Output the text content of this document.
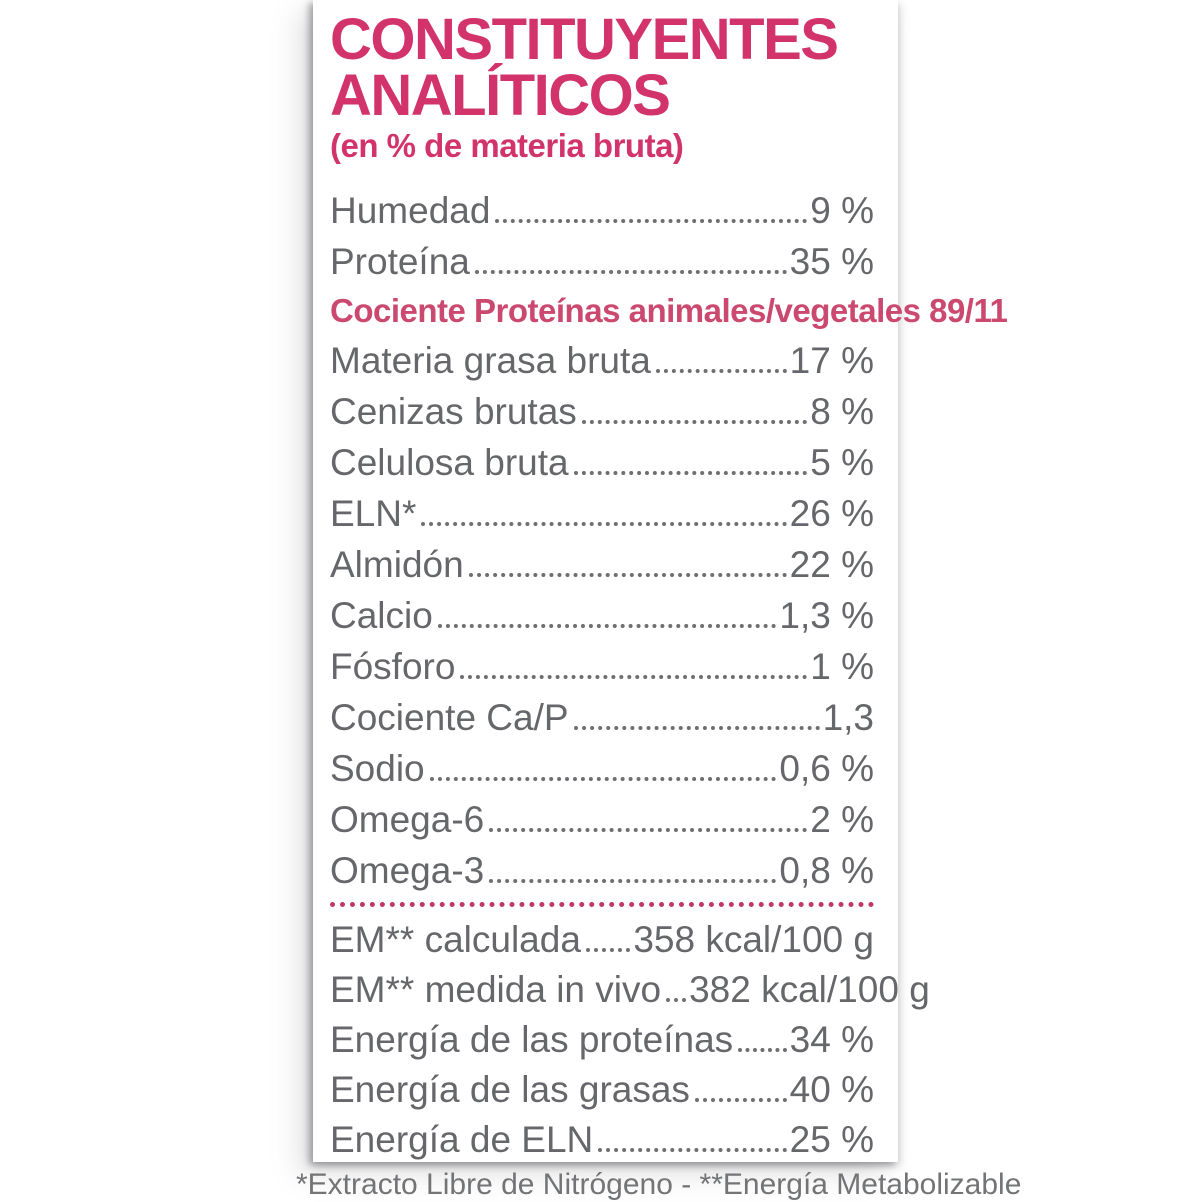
CONSTITUYENTES
ANALÍTICOS
(en % de materia bruta)
Humedad	9 %
Proteína	35 %
Cociente Proteínas animales/vegetales 89/11
Materia grasa bruta	17 %
Cenizas brutas	8 %
Celulosa bruta	5 %
ELN*	26 %
Almidón	22 %
Calcio	1,3 %
Fósforo	1 %
Cociente Ca/P	1,3
Sodio	0,6 %
Omega-6	2 %
Omega-3	0,8 %
EM** calculada 358 kcal/100 g
EM** medida in vivo 382 kcal/100 g
Energía de las proteínas 34 %
Energía de las grasas	40 %
Energía de ELN	25 %
*Extracto Libre de Nitrógeno - **Energía Metabolizable
